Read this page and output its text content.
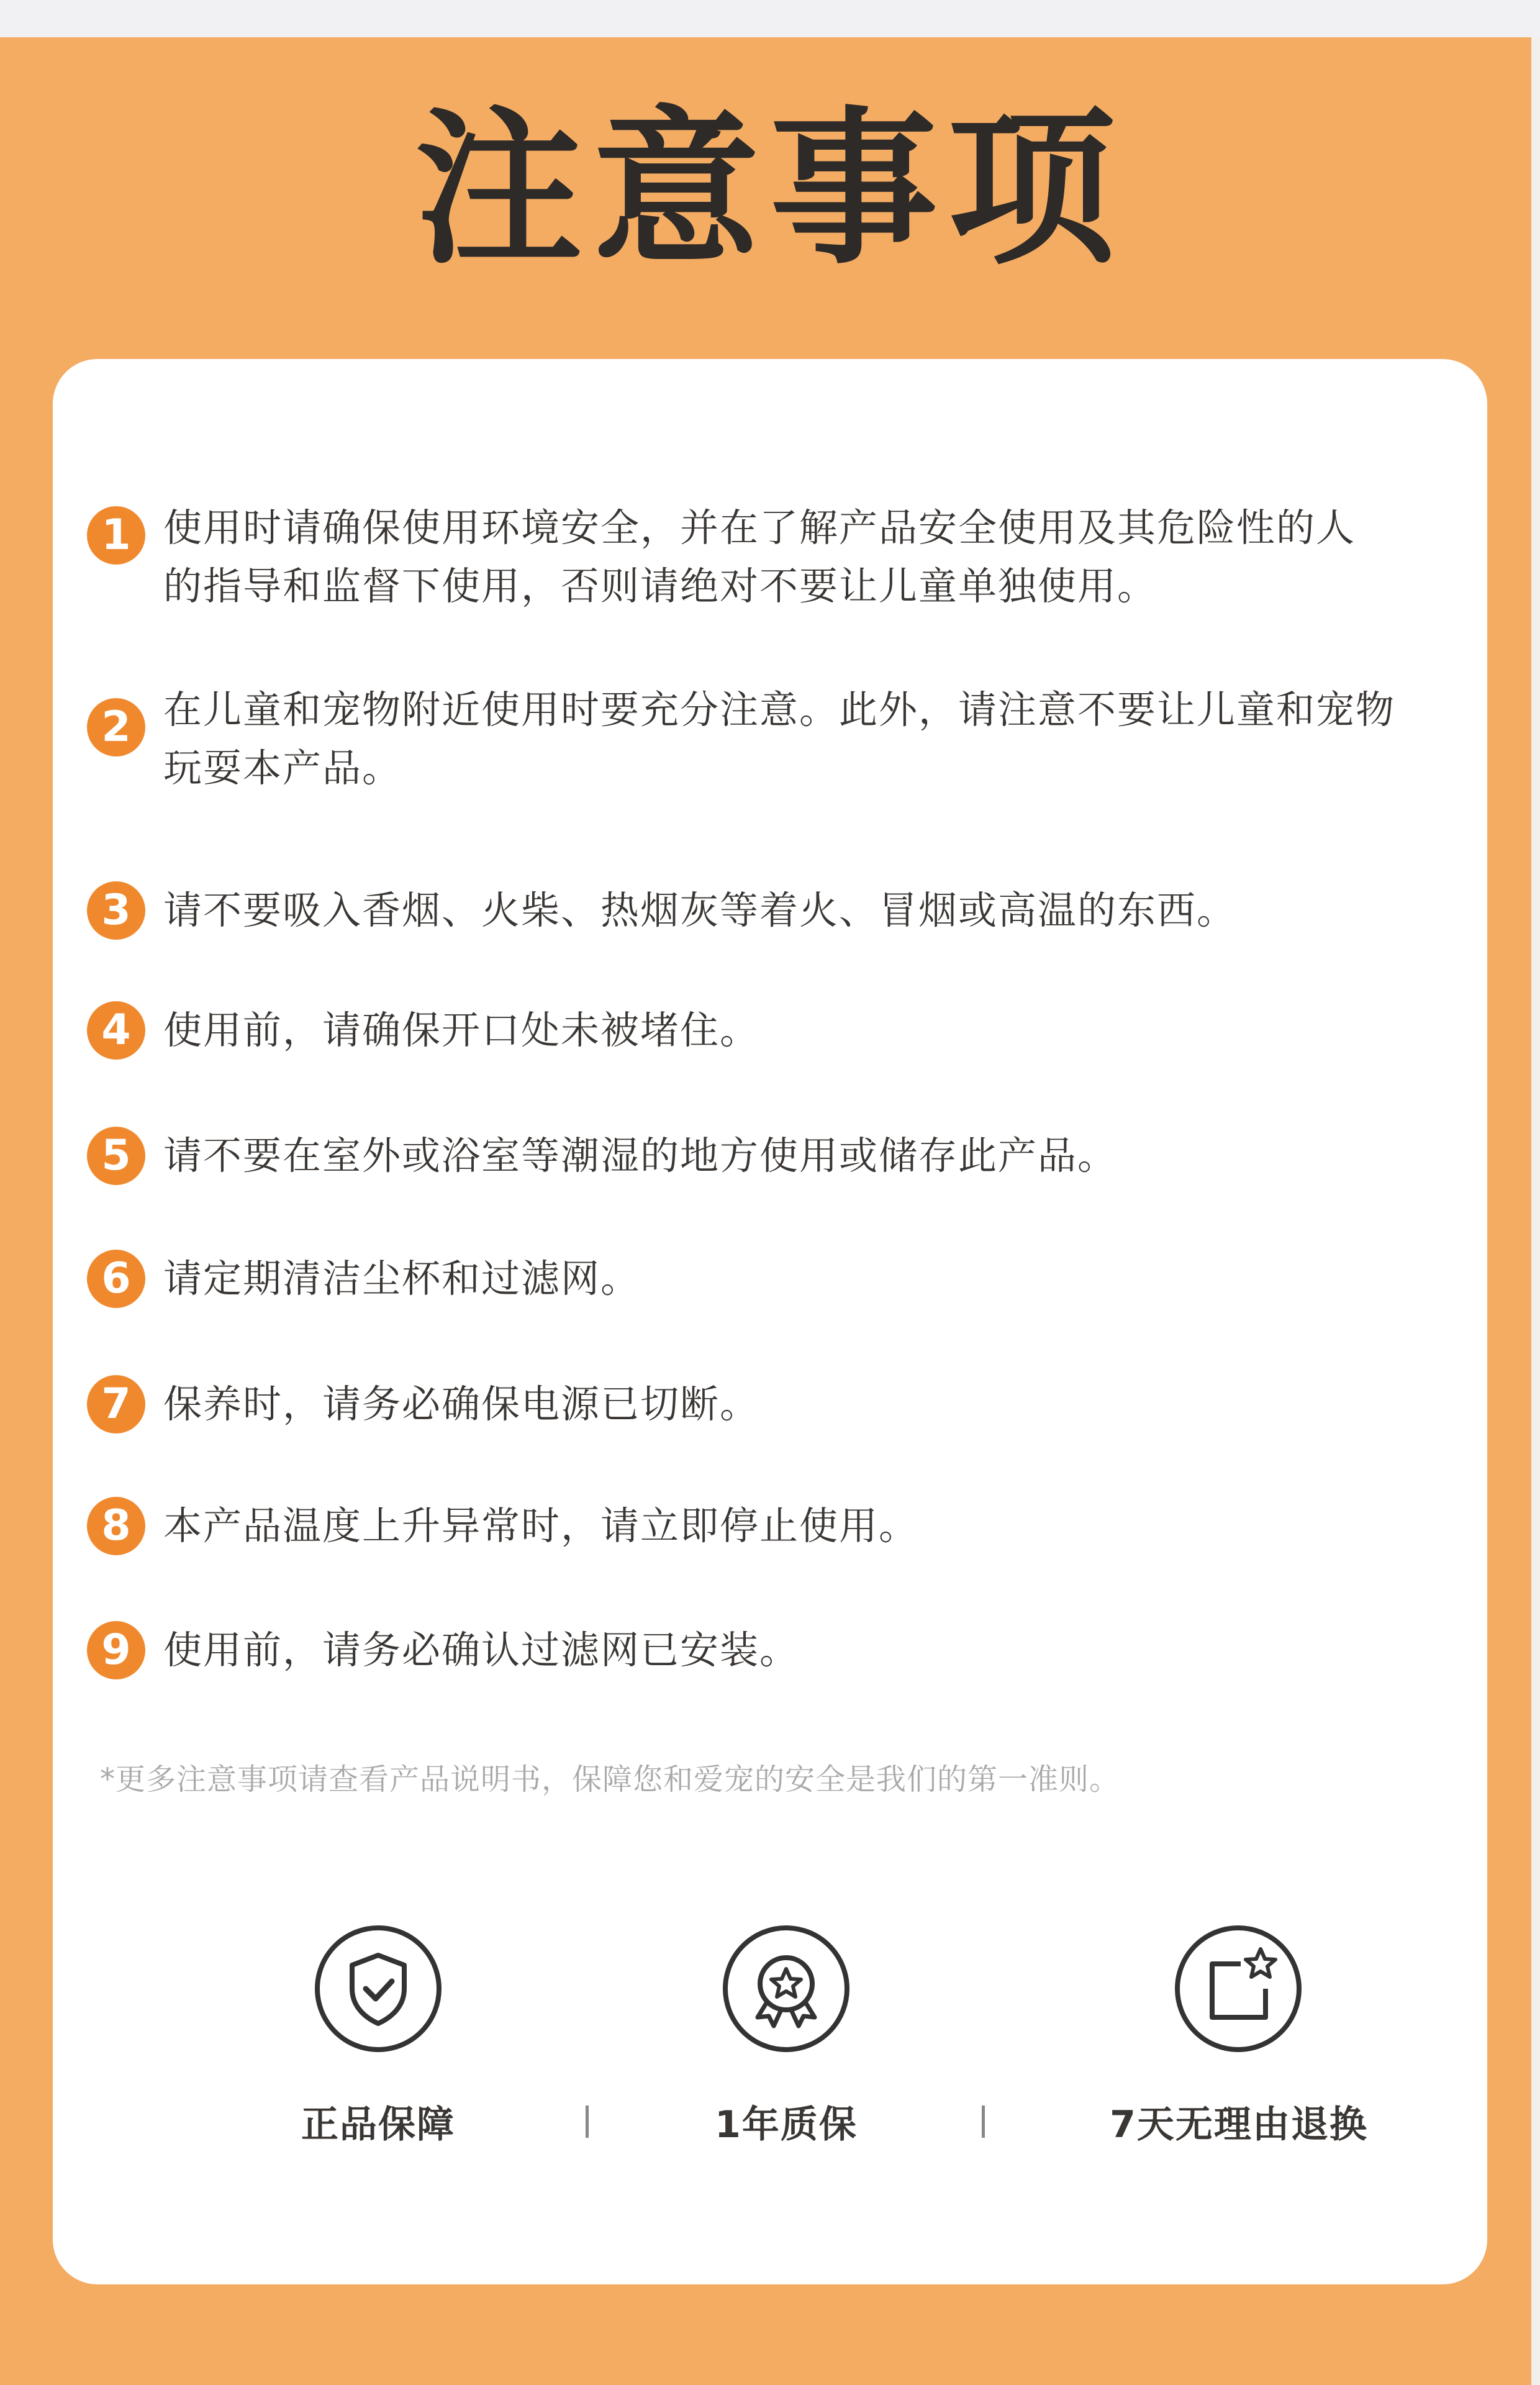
注意事项
1 使用时请确保使用环境安全，并在了解产品安全使用及其危险性的人
的指导和监督下使用，否则请绝对不要让儿童单独使用。
2 在儿童和宠物附近使用时要充分注意。此外，请注意不要让儿童和宠物
玩耍本产品。
3 请不要吸入香烟、火柴、热烟灰等着火、冒烟或高温的东西。
4 使用前，请确保开口处未被堵住。
5 请不要在室外或浴室等潮湿的地方使用或储存此产品。
6 请定期清洁尘杯和过滤网。
7 保养时，请务必确保电源已切断。
8 本产品温度上升异常时，请立即停止使用。
9 使用前，请务必确认过滤网已安装。
*更多注意事项请查看产品说明书，保障您和爱宠的安全是我们的第一准则。
正品保障	1年质保	7天无理由退换
